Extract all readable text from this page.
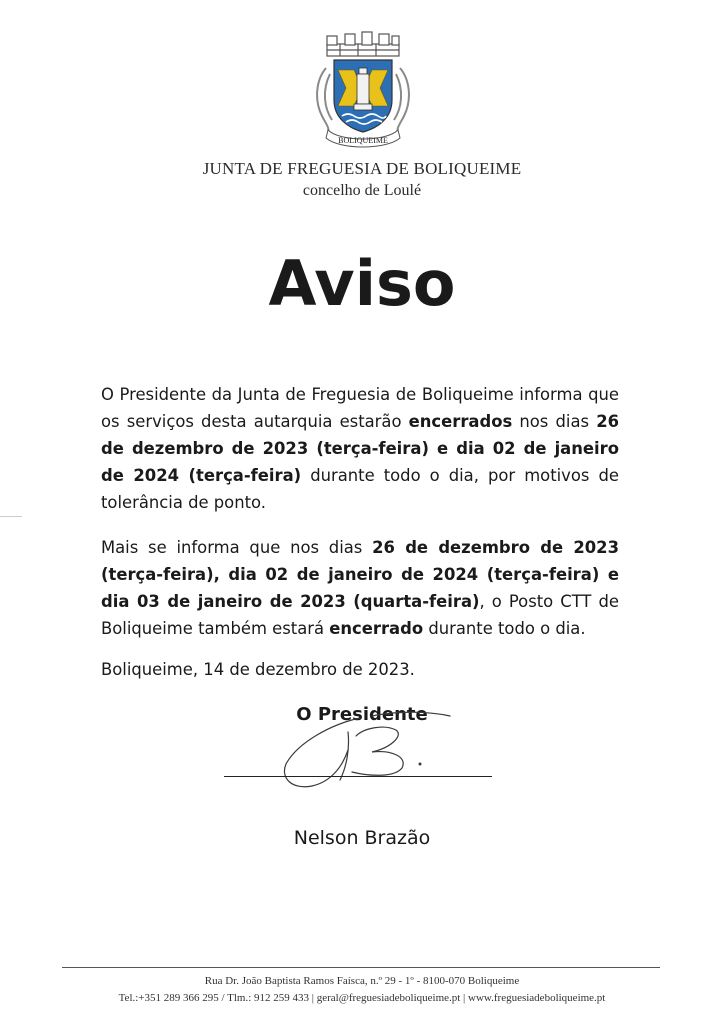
BOLIQUEIME
JUNTA DE FREGUESIA DE BOLIQUEIME
concelho de Loulé
Aviso
O Presidente da Junta de Freguesia de Boliqueime informa que os serviços desta autarquia estarão encerrados nos dias 26 de dezembro de 2023 (terça-feira) e dia 02 de janeiro de 2024 (terça-feira) durante todo o dia, por motivos de tolerância de ponto.
Mais se informa que nos dias 26 de dezembro de 2023 (terça-feira), dia 02 de janeiro de 2024 (terça-feira) e dia 03 de janeiro de 2023 (quarta-feira), o Posto CTT de Boliqueime também estará encerrado durante todo o dia.
Boliqueime, 14 de dezembro de 2023.
O Presidente
Nelson Brazão
Rua Dr. João Baptista Ramos Faísca, n.º 29 - 1º - 8100-070 Boliqueime
Tel.:+351 289 366 295 / Tlm.: 912 259 433 | geral@freguesiadeboliqueime.pt | www.freguesiadeboliqueime.pt
